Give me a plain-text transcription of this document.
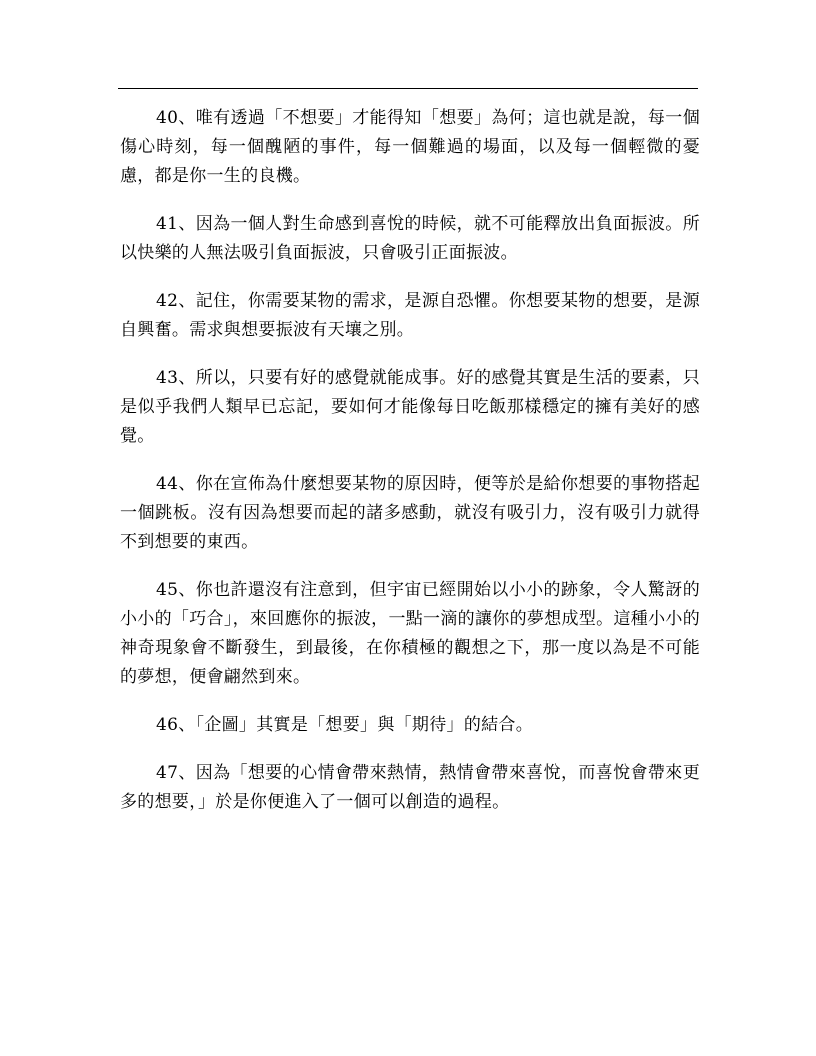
40、唯有透過「不想要」才能得知「想要」為何；這也就是說，每一個傷心時刻，每一個醜陋的事件，每一個難過的場面，以及每一個輕微的憂慮，都是你一生的良機。

41、因為一個人對生命感到喜悅的時候，就不可能釋放出負面振波。所以快樂的人無法吸引負面振波，只會吸引正面振波。

42、記住，你需要某物的需求，是源自恐懼。你想要某物的想要，是源自興奮。需求與想要振波有天壤之別。

43、所以，只要有好的感覺就能成事。好的感覺其實是生活的要素，只是似乎我們人類早已忘記，要如何才能像每日吃飯那樣穩定的擁有美好的感覺。

44、你在宣佈為什麼想要某物的原因時，便等於是給你想要的事物搭起一個跳板。沒有因為想要而起的諸多感動，就沒有吸引力，沒有吸引力就得不到想要的東西。

45、你也許還沒有注意到，但宇宙已經開始以小小的跡象，令人驚訝的小小的「巧合」，來回應你的振波，一點一滴的讓你的夢想成型。這種小小的神奇現象會不斷發生，到最後，在你積極的觀想之下，那一度以為是不可能的夢想，便會翩然到來。

46、「企圖」其實是「想要」與「期待」的結合。

47、因為「想要的心情會帶來熱情，熱情會帶來喜悅，而喜悅會帶來更多的想要，」於是你便進入了一個可以創造的過程。
